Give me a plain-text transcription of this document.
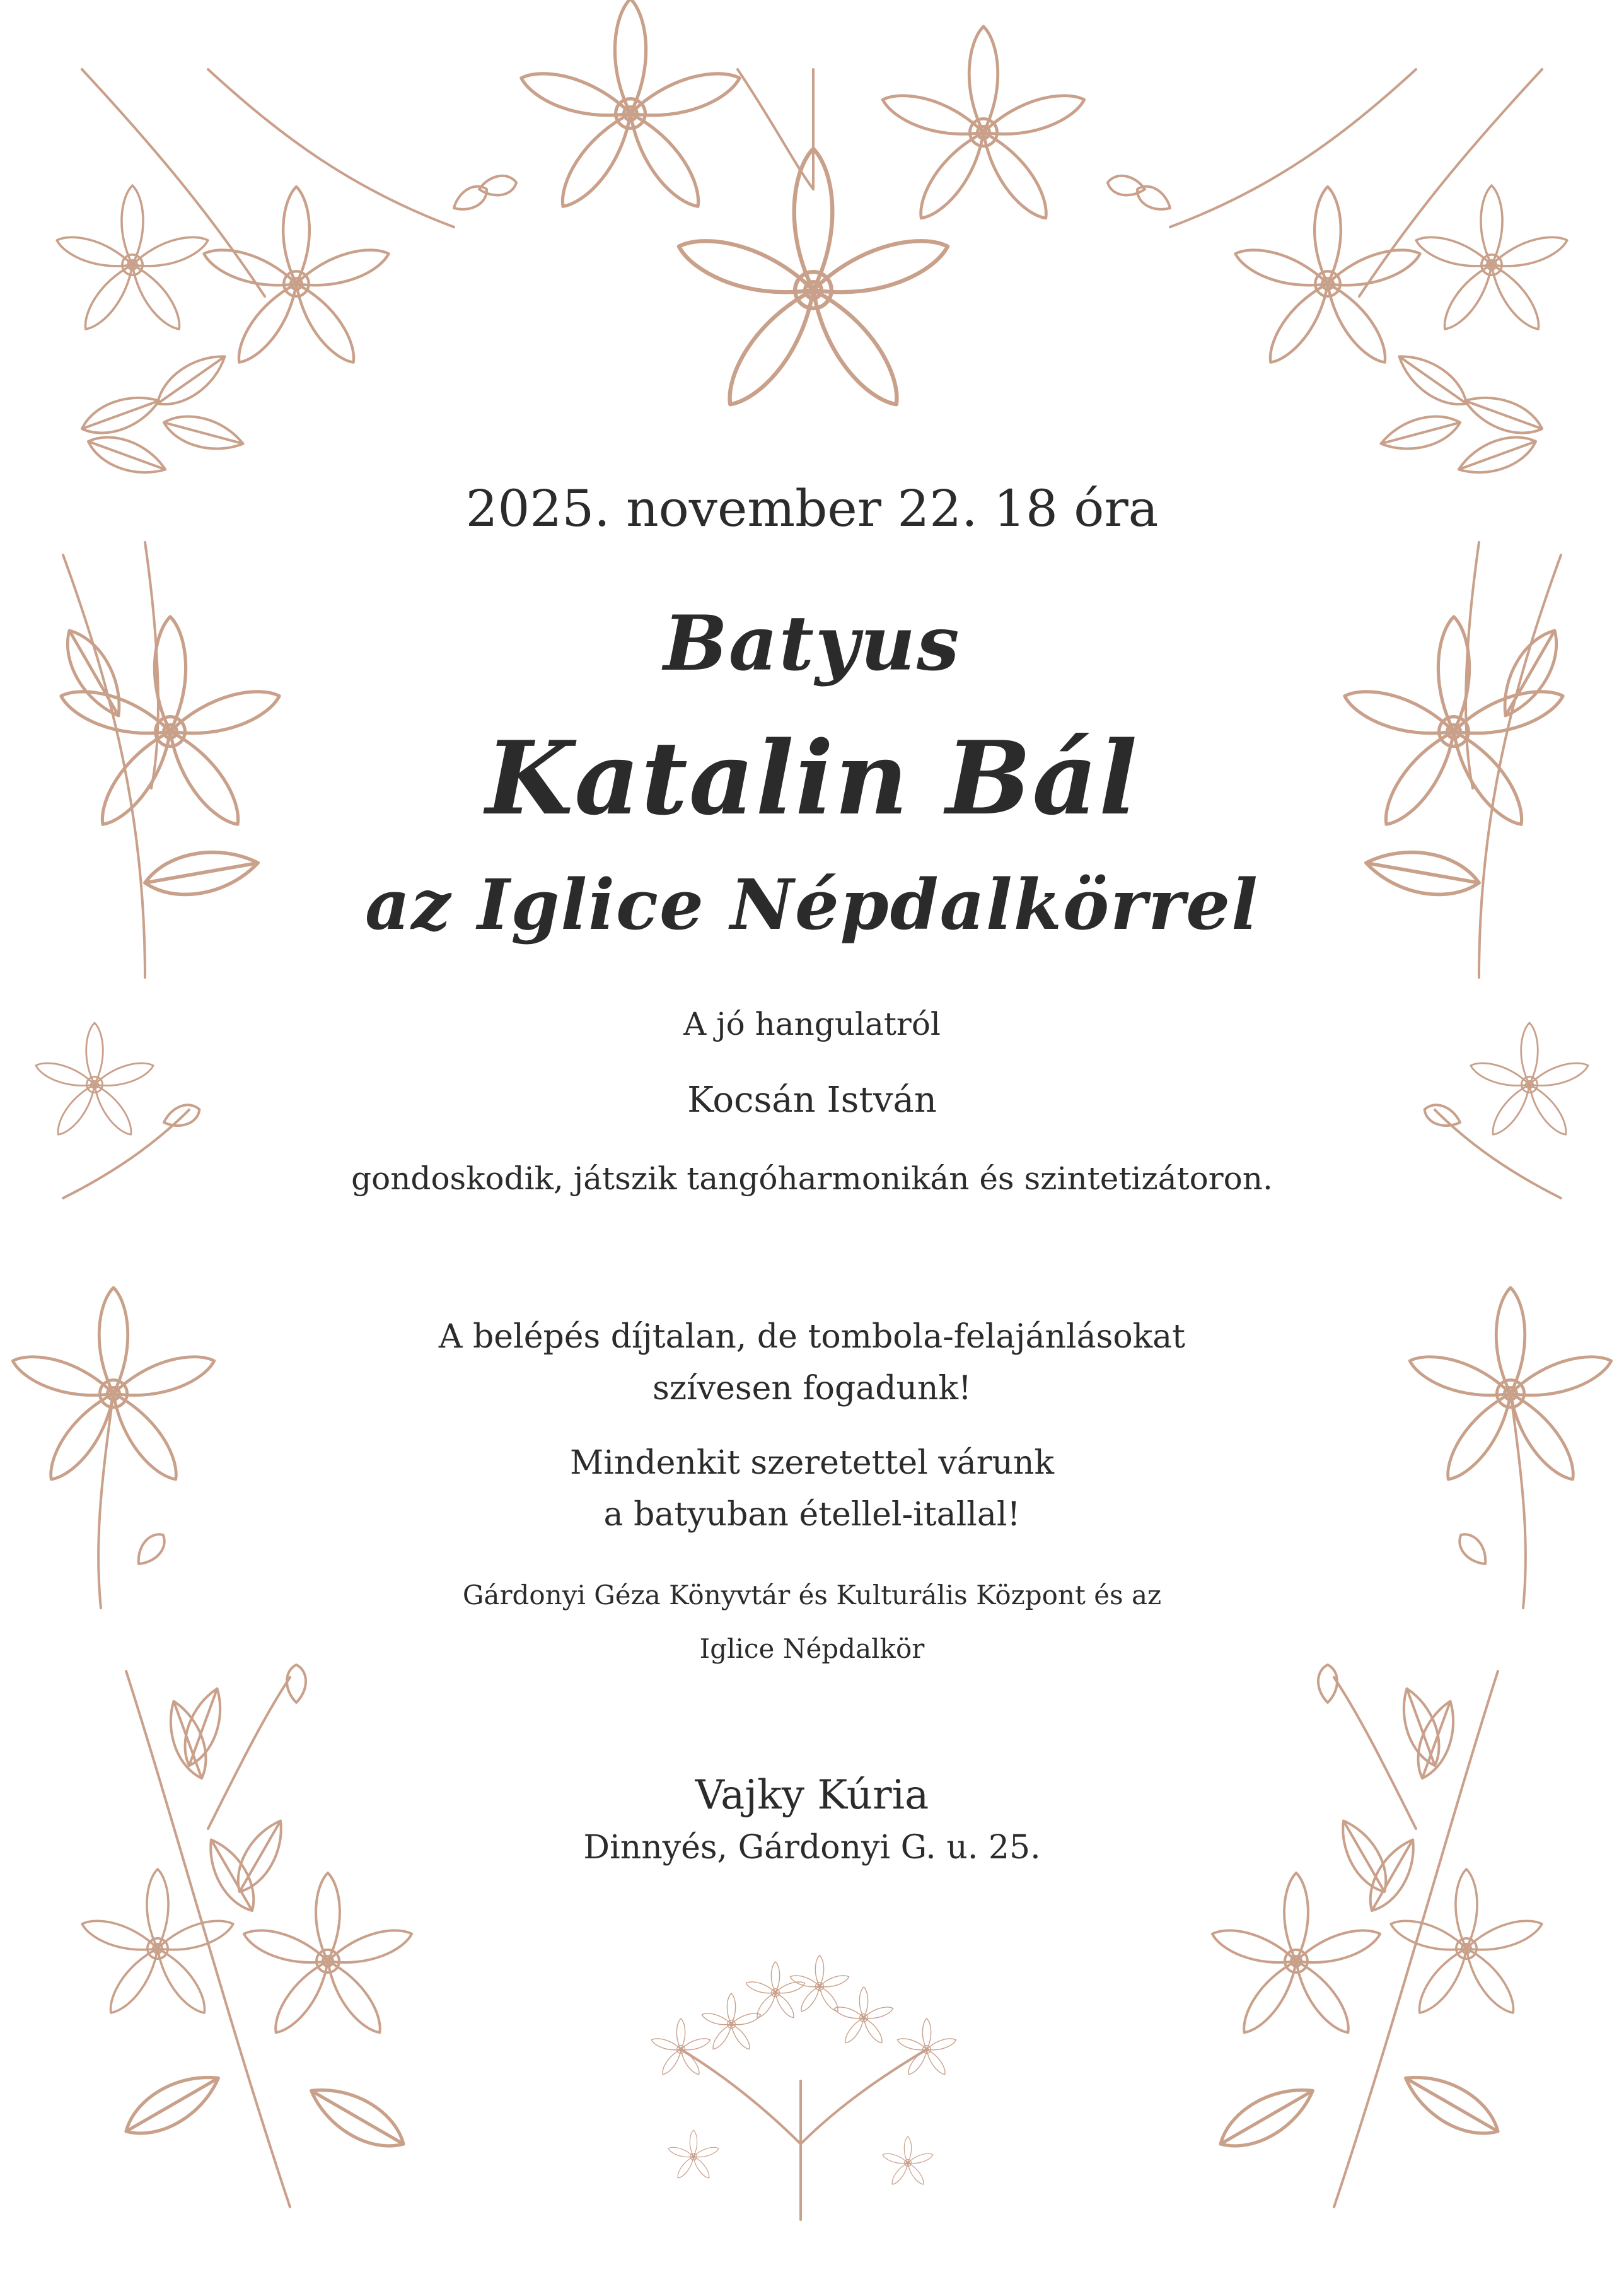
2025. november 22. 18 óra
Batyus
Katalin Bál
az Iglice Népdalkörrel
A jó hangulatról
Kocsán István
gondoskodik, játszik tangóharmonikán és szintetizátoron.
A belépés díjtalan, de tombola-felajánlásokat
szívesen fogadunk!
Mindenkit szeretettel várunk
a batyuban étellel-itallal!
Gárdonyi Géza Könyvtár és Kulturális Központ és az
Iglice Népdalkör
Vajky Kúria
Dinnyés, Gárdonyi G. u. 25.
